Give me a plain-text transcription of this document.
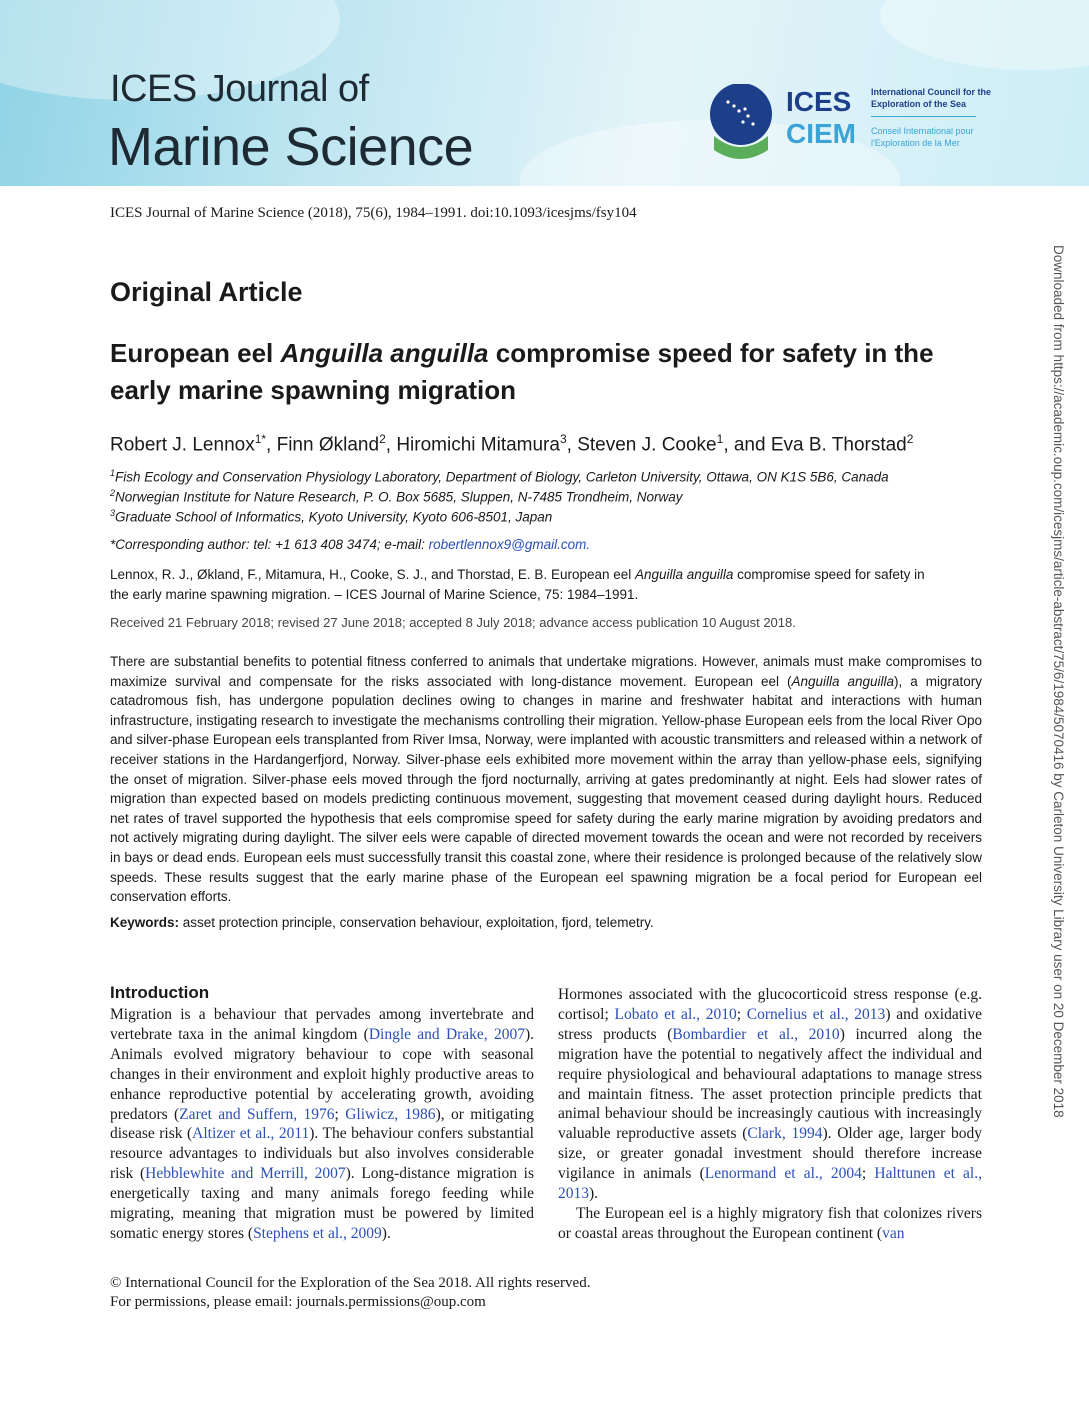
ICES Journal of
Marine Science
ICES
CIEM
International Council for the Exploration of the Sea
Conseil International pour l'Exploration de la Mer
ICES Journal of Marine Science (2018), 75(6), 1984–1991. doi:10.1093/icesjms/fsy104
Downloaded from https://academic.oup.com/icesjms/article-abstract/75/6/1984/5070416 by Carleton University Library user on 20 December 2018
Original Article
European eel Anguilla anguilla compromise speed for safety in the early marine spawning migration
Robert J. Lennox$^{1*}$, Finn Økland$^2$, Hiromichi Mitamura$^3$, Steven J. Cooke$^1$, and Eva B. Thorstad$^2$
$^1$Fish Ecology and Conservation Physiology Laboratory, Department of Biology, Carleton University, Ottawa, ON K1S 5B6, Canada
$^2$Norwegian Institute for Nature Research, P. O. Box 5685, Sluppen, N-7485 Trondheim, Norway
$^3$Graduate School of Informatics, Kyoto University, Kyoto 606-8501, Japan
*Corresponding author: tel: +1 613 408 3474; e-mail: robertlennox9@gmail.com.
Lennox, R. J., Økland, F., Mitamura, H., Cooke, S. J., and Thorstad, E. B. European eel Anguilla anguilla compromise speed for safety in the early marine spawning migration. – ICES Journal of Marine Science, 75: 1984–1991.
Received 21 February 2018; revised 27 June 2018; accepted 8 July 2018; advance access publication 10 August 2018.
There are substantial benefits to potential fitness conferred to animals that undertake migrations. However, animals must make compromises to maximize survival and compensate for the risks associated with long-distance movement. European eel (Anguilla anguilla), a migratory catadromous fish, has undergone population declines owing to changes in marine and freshwater habitat and interactions with human infrastructure, instigating research to investigate the mechanisms controlling their migration. Yellow-phase European eels from the local River Opo and silver-phase European eels transplanted from River Imsa, Norway, were implanted with acoustic transmitters and released within a network of receiver stations in the Hardangerfjord, Norway. Silver-phase eels exhibited more movement within the array than yellow-phase eels, signifying the onset of migration. Silver-phase eels moved through the fjord nocturnally, arriving at gates predominantly at night. Eels had slower rates of migration than expected based on models predicting continuous movement, suggesting that movement ceased during daylight hours. Reduced net rates of travel supported the hypothesis that eels compromise speed for safety during the early marine migration by avoiding predators and not actively migrating during daylight. The silver eels were capable of directed movement towards the ocean and were not recorded by receivers in bays or dead ends. European eels must successfully transit this coastal zone, where their residence is prolonged because of the relatively slow speeds. These results suggest that the early marine phase of the European eel spawning migration be a focal period for European eel conservation efforts.
Keywords: asset protection principle, conservation behaviour, exploitation, fjord, telemetry.
Introduction
Migration is a behaviour that pervades among invertebrate and vertebrate taxa in the animal kingdom (Dingle and Drake, 2007). Animals evolved migratory behaviour to cope with seasonal changes in their environment and exploit highly productive areas to enhance reproductive potential by accelerating growth, avoiding predators (Zaret and Suffern, 1976; Gliwicz, 1986), or mitigating disease risk (Altizer et al., 2011). The behaviour confers substantial resource advantages to individuals but also involves considerable risk (Hebblewhite and Merrill, 2007). Long-distance migration is energetically taxing and many animals forego feeding while migrating, meaning that migration must be powered by limited somatic energy stores (Stephens et al., 2009).
Hormones associated with the glucocorticoid stress response (e.g. cortisol; Lobato et al., 2010; Cornelius et al., 2013) and oxidative stress products (Bombardier et al., 2010) incurred along the migration have the potential to negatively affect the individual and require physiological and behavioural adaptations to manage stress and maintain fitness. The asset protection principle predicts that animal behaviour should be increasingly cautious with increasingly valuable reproductive assets (Clark, 1994). Older age, larger body size, or greater gonadal investment should therefore increase vigilance in animals (Lenormand et al., 2004; Halttunen et al., 2013).
The European eel is a highly migratory fish that colonizes rivers or coastal areas throughout the European continent (van
© International Council for the Exploration of the Sea 2018. All rights reserved.
For permissions, please email: journals.permissions@oup.com
